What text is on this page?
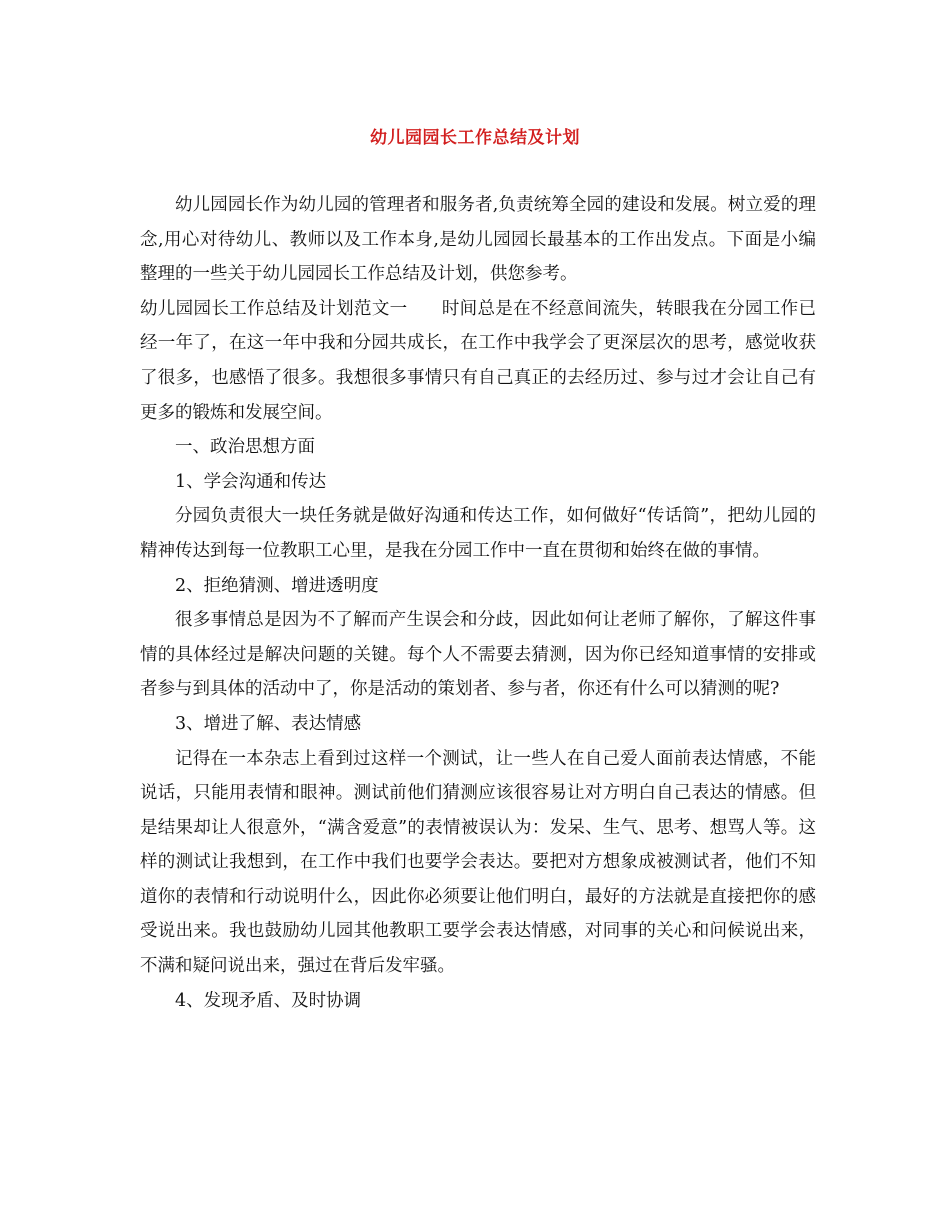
幼儿园园长工作总结及计划

幼儿园园长作为幼儿园的管理者和服务者,负责统筹全园的建设和发展。树立爱的理念,用心对待幼儿、教师以及工作本身,是幼儿园园长最基本的工作出发点。下面是小编整理的一些关于幼儿园园长工作总结及计划，供您参考。

幼儿园园长工作总结及计划范文一 时间总是在不经意间流失，转眼我在分园工作已经一年了，在这一年中我和分园共成长，在工作中我学会了更深层次的思考，感觉收获了很多，也感悟了很多。我想很多事情只有自己真正的去经历过、参与过才会让自己有更多的锻炼和发展空间。

一、政治思想方面

1、学会沟通和传达

分园负责很大一块任务就是做好沟通和传达工作，如何做好“传话筒”，把幼儿园的精神传达到每一位教职工心里，是我在分园工作中一直在贯彻和始终在做的事情。

2、拒绝猜测、增进透明度

很多事情总是因为不了解而产生误会和分歧，因此如何让老师了解你，了解这件事情的具体经过是解决问题的关键。每个人不需要去猜测，因为你已经知道事情的安排或者参与到具体的活动中了，你是活动的策划者、参与者，你还有什么可以猜测的呢?

3、增进了解、表达情感

记得在一本杂志上看到过这样一个测试，让一些人在自己爱人面前表达情感，不能说话，只能用表情和眼神。测试前他们猜测应该很容易让对方明白自己表达的情感。但是结果却让人很意外，“满含爱意”的表情被误认为：发呆、生气、思考、想骂人等。这样的测试让我想到，在工作中我们也要学会表达。要把对方想象成被测试者，他们不知道你的表情和行动说明什么，因此你必须要让他们明白，最好的方法就是直接把你的感受说出来。我也鼓励幼儿园其他教职工要学会表达情感，对同事的关心和问候说出来，不满和疑问说出来，强过在背后发牢骚。

4、发现矛盾、及时协调
